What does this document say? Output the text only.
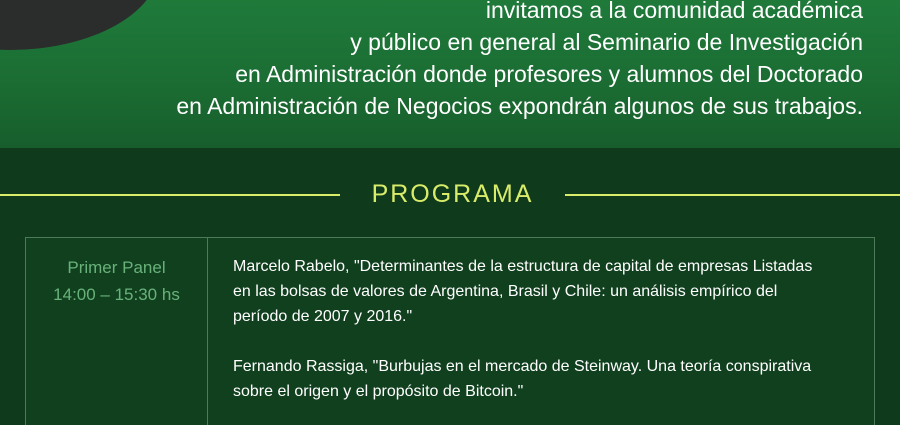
invitamos a la comunidad académica
y público en general al Seminario de Investigación
en Administración donde profesores y alumnos del Doctorado
en Administración de Negocios expondrán algunos de sus trabajos.
PROGRAMA
Primer Panel
14:00 – 15:30 hs
Marcelo Rabelo, "Determinantes de la estructura de capital de empresas Listadas
en las bolsas de valores de Argentina, Brasil y Chile: un análisis empírico del
período de 2007 y 2016."
Fernando Rassiga, "Burbujas en el mercado de Steinway. Una teoría conspirativa
sobre el origen y el propósito de Bitcoin."
